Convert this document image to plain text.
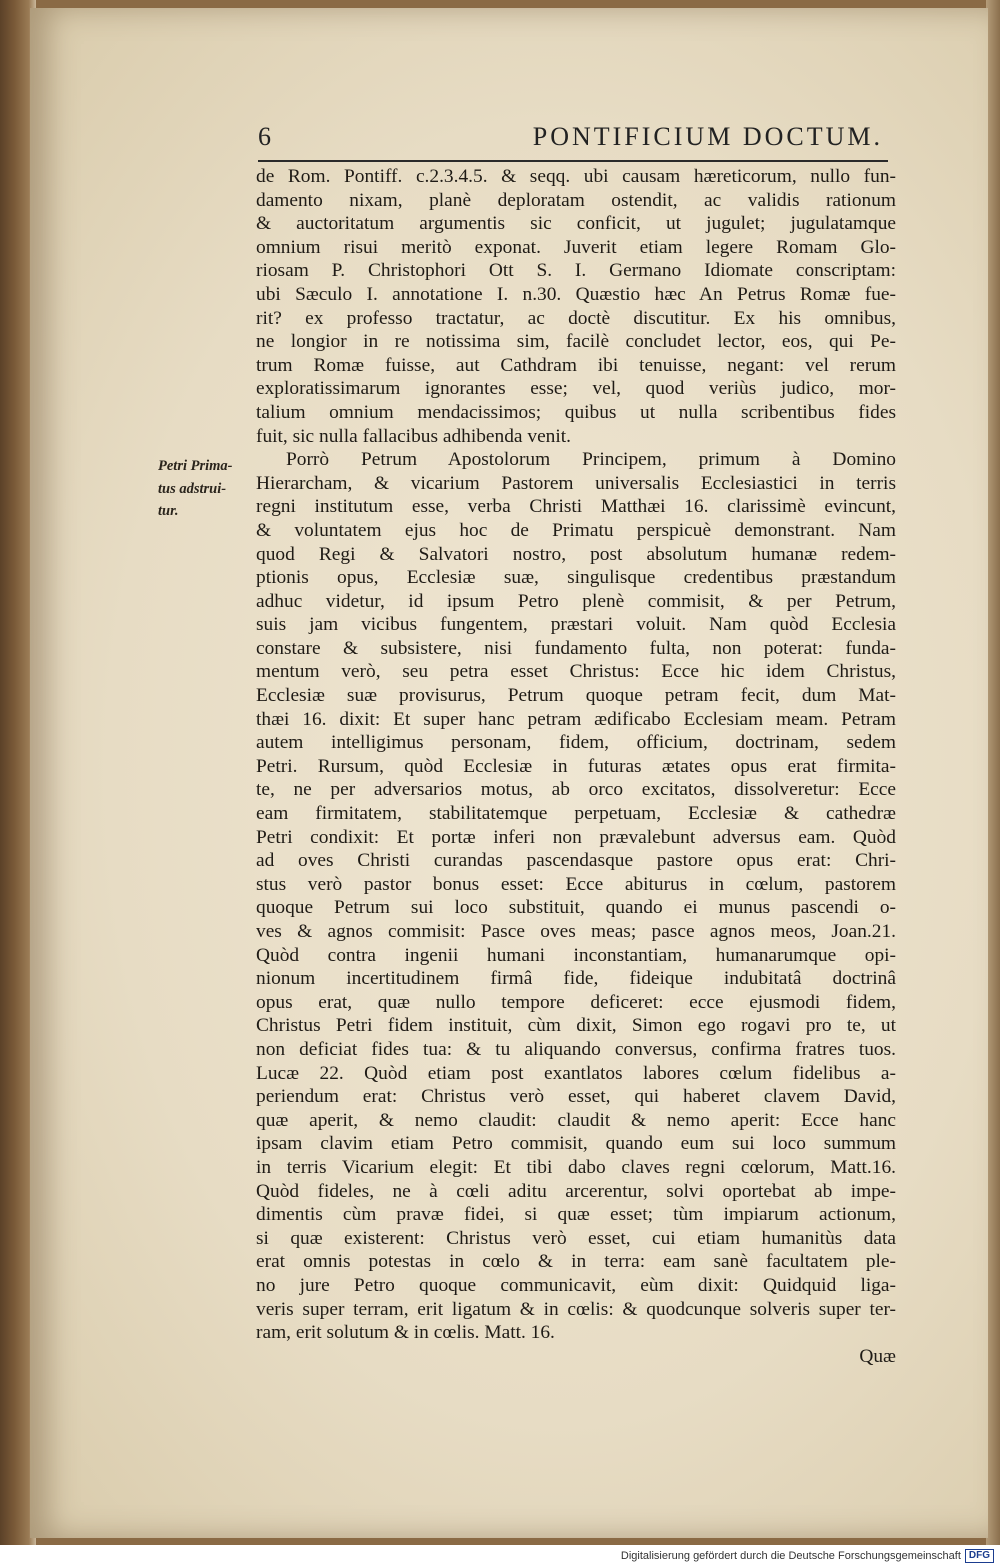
6	PONTIFICIUM DOCTUM.
Petri Prima-
tus adstrui-
tur.
de Rom. Pontiff. c.2.3.4.5. & seqq. ubi causam hæreticorum, nullo fun-
damento nixam, planè deploratam ostendit, ac validis rationum
& auctoritatum argumentis sic conficit, ut jugulet; jugulatamque
omnium risui meritò exponat. Juverit etiam legere Romam Glo-
riosam P. Christophori Ott S. I. Germano Idiomate conscriptam:
ubi Sæculo I. annotatione I. n.30. Quæstio hæc An Petrus Romæ fue-
rit? ex professo tractatur, ac doctè discutitur. Ex his omnibus,
ne longior in re notissima sim, facilè concludet lector, eos, qui Pe-
trum Romæ fuisse, aut Cathdram ibi tenuisse, negant: vel rerum
exploratissimarum ignorantes esse; vel, quod veriùs judico, mor-
talium omnium mendacissimos; quibus ut nulla scribentibus fides
fuit, sic nulla fallacibus adhibenda venit.
Porrò Petrum Apostolorum Principem, primum à Domino
Hierarcham, & vicarium Pastorem universalis Ecclesiastici in terris
regni institutum esse, verba Christi Matthæi 16. clarissimè evincunt,
& voluntatem ejus hoc de Primatu perspicuè demonstrant. Nam
quod Regi & Salvatori nostro, post absolutum humanæ redem-
ptionis opus, Ecclesiæ suæ, singulisque credentibus præstandum
adhuc videtur, id ipsum Petro plenè commisit, & per Petrum,
suis jam vicibus fungentem, præstari voluit. Nam quòd Ecclesia
constare & subsistere, nisi fundamento fulta, non poterat: funda-
mentum verò, seu petra esset Christus: Ecce hic idem Christus,
Ecclesiæ suæ provisurus, Petrum quoque petram fecit, dum Mat-
thæi 16. dixit: Et super hanc petram ædificabo Ecclesiam meam. Petram
autem intelligimus personam, fidem, officium, doctrinam, sedem
Petri. Rursum, quòd Ecclesiæ in futuras ætates opus erat firmita-
te, ne per adversarios motus, ab orco excitatos, dissolveretur: Ecce
eam firmitatem, stabilitatemque perpetuam, Ecclesiæ & cathedræ
Petri condixit: Et portæ inferi non prævalebunt adversus eam. Quòd
ad oves Christi curandas pascendasque pastore opus erat: Chri-
stus verò pastor bonus esset: Ecce abiturus in cœlum, pastorem
quoque Petrum sui loco substituit, quando ei munus pascendi o-
ves & agnos commisit: Pasce oves meas; pasce agnos meos, Joan.21.
Quòd contra ingenii humani inconstantiam, humanarumque opi-
nionum incertitudinem firmâ fide, fideique indubitatâ doctrinâ
opus erat, quæ nullo tempore deficeret: ecce ejusmodi fidem,
Christus Petri fidem instituit, cùm dixit, Simon ego rogavi pro te, ut
non deficiat fides tua: & tu aliquando conversus, confirma fratres tuos.
Lucæ 22. Quòd etiam post exantlatos labores cœlum fidelibus a-
periendum erat: Christus verò esset, qui haberet clavem David,
quæ aperit, & nemo claudit: claudit & nemo aperit: Ecce hanc
ipsam clavim etiam Petro commisit, quando eum sui loco summum
in terris Vicarium elegit: Et tibi dabo claves regni cœlorum, Matt.16.
Quòd fideles, ne à cœli aditu arcerentur, solvi oportebat ab impe-
dimentis cùm pravæ fidei, si quæ esset; tùm impiarum actionum,
si quæ existerent: Christus verò esset, cui etiam humanitùs data
erat omnis potestas in cœlo & in terra: eam sanè facultatem ple-
no jure Petro quoque communicavit, eùm dixit: Quidquid liga-
veris super terram, erit ligatum & in cœlis: & quodcunque solveris super ter-
ram, erit solutum & in cœlis. Matt. 16.
Quæ
Digitalisierung gefördert durch die Deutsche Forschungsgemeinschaft DFG
